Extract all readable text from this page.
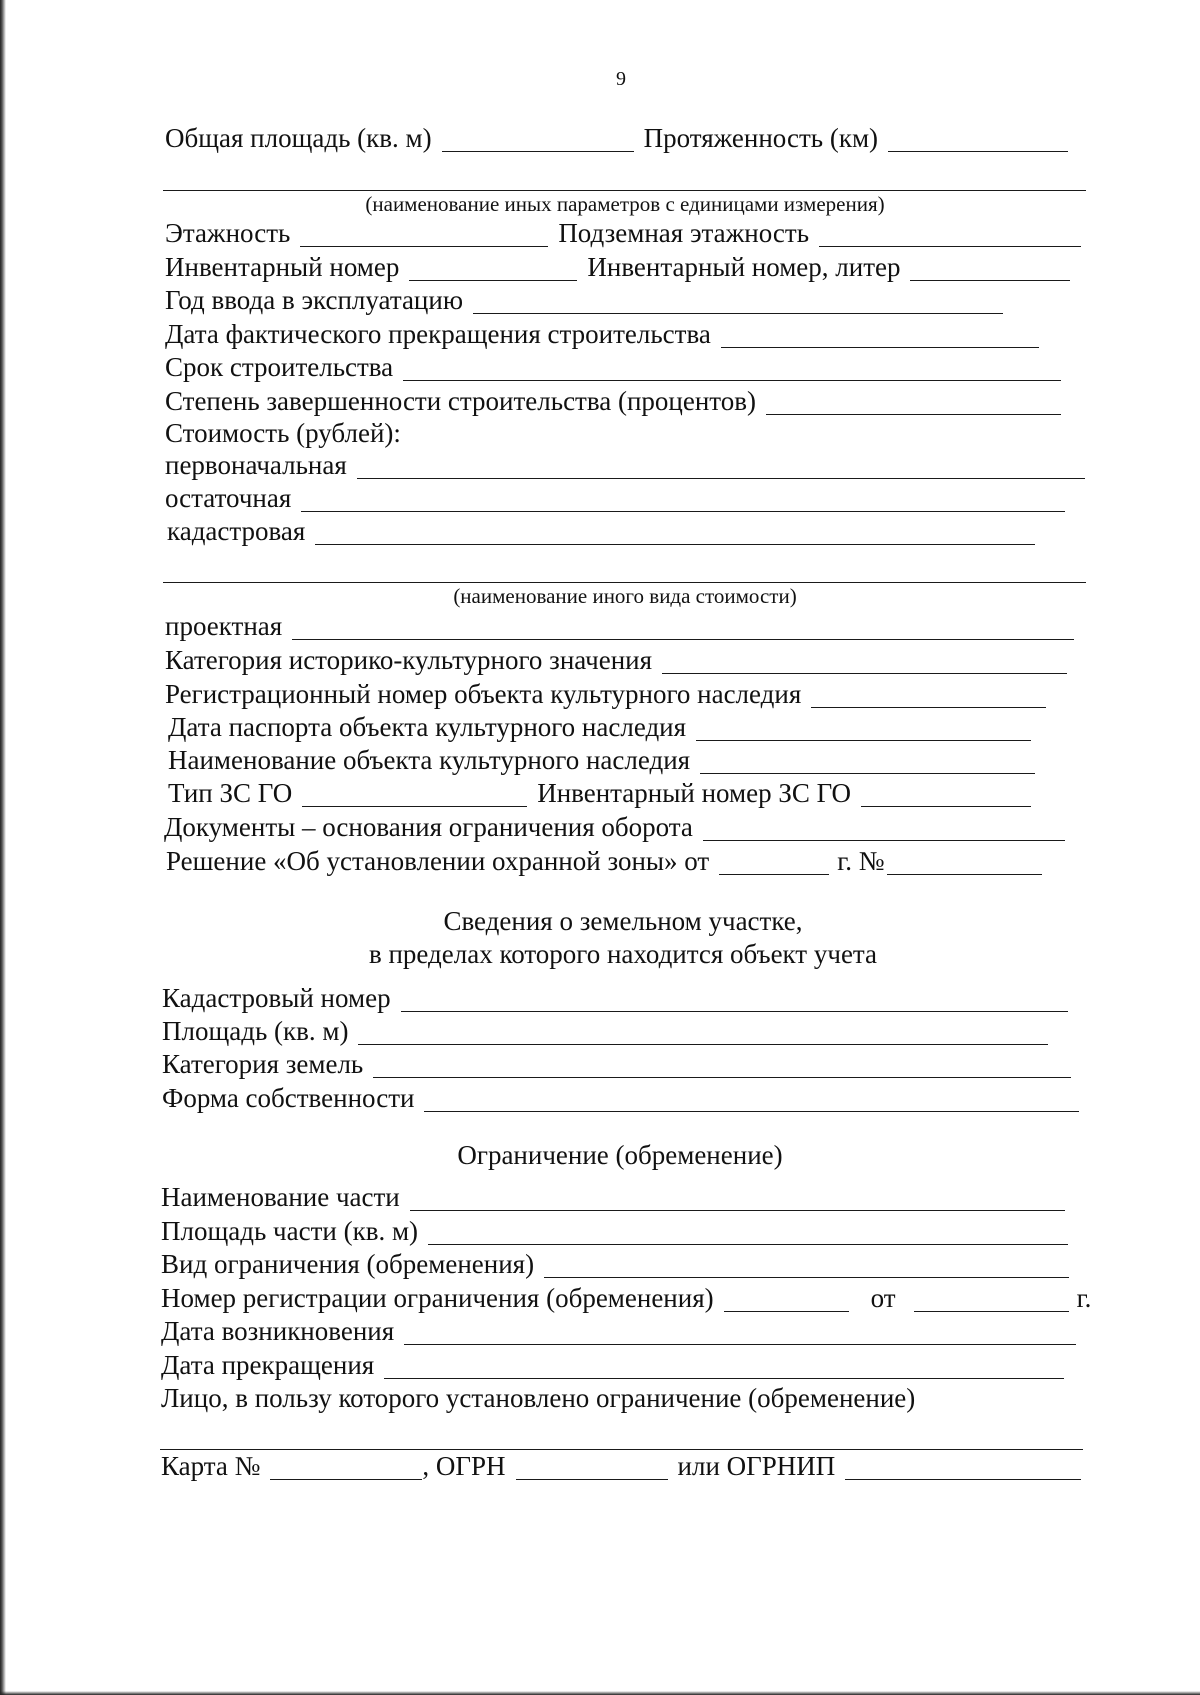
9
Общая площадь (кв. м)	Протяженность (км)
(наименование иных параметров с единицами измерения)
Этажность	Подземная этажность
Инвентарный номер	Инвентарный номер, литер
Год ввода в эксплуатацию
Дата фактического прекращения строительства
Срок строительства
Степень завершенности строительства (процентов)
Стоимость (рублей):
первоначальная
остаточная
кадастровая
(наименование иного вида стоимости)
проектная
Категория историко-культурного значения
Регистрационный номер объекта культурного наследия
Дата паспорта объекта культурного наследия
Наименование объекта культурного наследия
Тип ЗС ГО	Инвентарный номер ЗС ГО
Документы – основания ограничения оборота
Решение «Об установлении охранной зоны» от	г. №
Сведения о земельном участке,
в пределах которого находится объект учета
Кадастровый номер
Площадь (кв. м)
Категория земель
Форма собственности
Ограничение (обременение)
Наименование части
Площадь части (кв. м)
Вид ограничения (обременения)
Номер регистрации ограничения (обременения)	от	г.
Дата возникновения
Дата прекращения
Лицо, в пользу которого установлено ограничение (обременение)
Карта №	, ОГРН	или ОГРНИП
